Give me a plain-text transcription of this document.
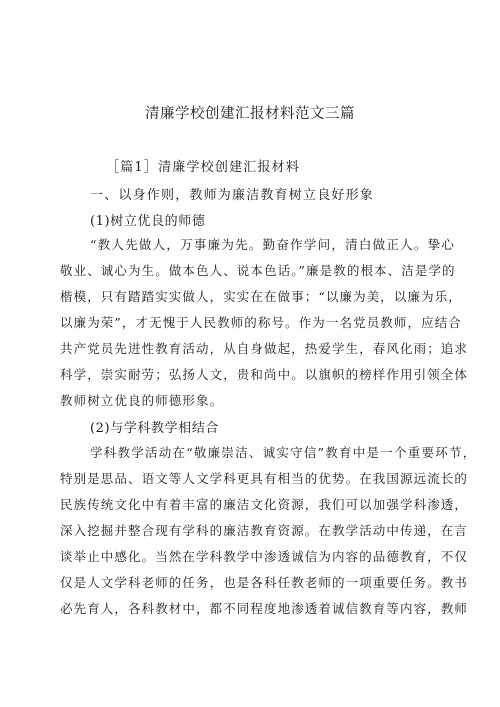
清廉学校创建汇报材料范文三篇
［篇1］清廉学校创建汇报材料
一、以身作则，教师为廉洁教育树立良好形象
(1)树立优良的师德
“教人先做人，万事廉为先。勤奋作学问，清白做正人。挚心
敬业、诚心为生。做本色人、说本色话。”廉是教的根本、洁是学的
楷模，只有踏踏实实做人，实实在在做事；“以廉为美，以廉为乐，
以廉为荣”，才无愧于人民教师的称号。作为一名党员教师，应结合
共产党员先进性教育活动，从自身做起，热爱学生，春风化雨；追求
科学，崇实耐劳；弘扬人文，贵和尚中。以旗帜的榜样作用引领全体
教师树立优良的师德形象。
(2)与学科教学相结合
学科教学活动在“敬廉崇洁、诚实守信”教育中是一个重要环节，
特别是思品、语文等人文学科更具有相当的优势。在我国源远流长的
民族传统文化中有着丰富的廉洁文化资源，我们可以加强学科渗透，
深入挖掘并整合现有学科的廉洁教育资源。在教学活动中传递，在言
谈举止中感化。当然在学科教学中渗透诚信为内容的品德教育，不仅
仅是人文学科老师的任务，也是各科任教老师的一项重要任务。教书
必先育人，各科教材中，都不同程度地渗透着诚信教育等内容，教师
